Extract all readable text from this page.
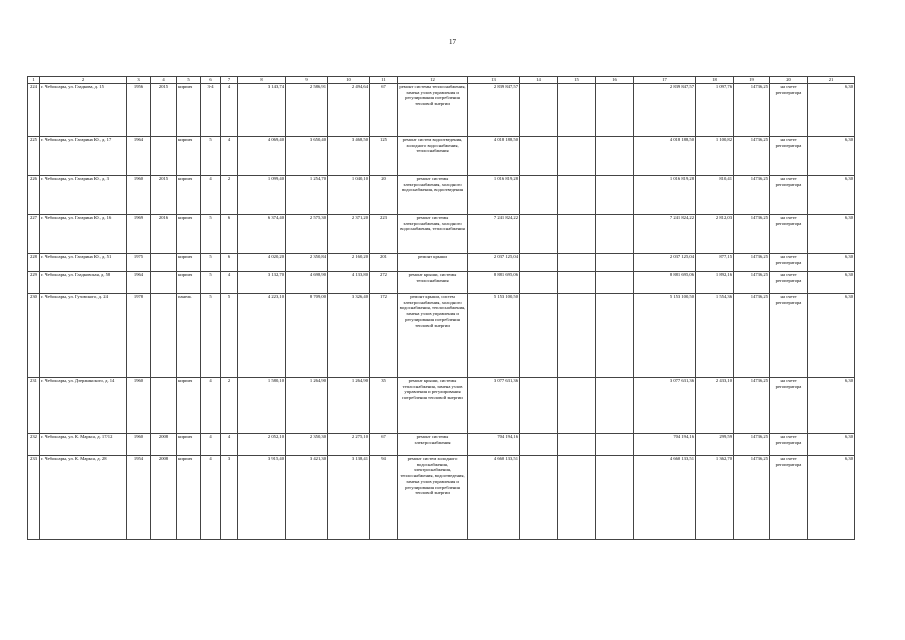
17
1	2	3	4	5	6	7	8	9	10	11	12	13	14	15	16	17	18	19	20	21
224	г. Чебоксары, ул. Гладкова, д. 15	1956	2015	кирпич	3-4	4	3 143,74	2 586,91	2 494,64	67	ремонт системы теплоснабжения, замена узлов управления и регулирования потребления тепловой энергии	2 839 847,57				2 839 847,57	1 097,76	14736,25	на счете регоператора	6,30
225	г. Чебоксары, ул. Гагарина Ю., д. 17	1964		кирпич	5	4	4 069,40	3 650,40	3 468,50	125	ремонт систем водоотведения, холодного водоснабжения, теплоснабжения	4 018 188,50				4 018 188,50	1 100,82	14736,25	на счете регоператора	6,30
226	г. Чебоксары, ул. Гагарина Ю., д. 3	1960	2015	кирпич	4	2	1 099,40	1 254,70	1 040,10	20	ремонт системы электроснабжения, холодного водоснабжения, водоотведения	1 016 819,28				1 016 819,28	810,41	14736,25	на счете регоператора	6,30
227	г. Чебоксары, ул. Гагарина Ю., д. 16	1969	2016	кирпич	5	6	6 374,40	2 575,30	2 371,20	223	ремонт системы электроснабжения, холодного водоснабжения, теплоснабжения	7 241 824,22				7 241 824,22	2 812,03	14736,25	на счете регоператора	6,30
228	г. Чебоксары, ул. Гагарина Ю., д. 51	1975		кирпич	5	6	4 020,20	2 350,84	2 160,20	201	ремонт крыши	2 037 125,04				2 037 125,04	877,15	14736,25	на счете регоператора	6,30
229	г. Чебоксары, ул. Гладковская, д. 58	1964		кирпич	5	4	3 132,70	4 698,90	4 133,80	272	ремонт крыши, системы теплоснабжения	8 881 695,06				8 881 695,06	1 892,16	14736,25	на счете регоператора	6,30
230	г. Чебоксары, ул. Гузовского, д. 24	1978		панель	5	5	4 223,10	8 709,00	3 326,40	172	ремонт крыши, систем электроснабжения, холодного водоснабжения, теплоснабжения, замена узлов управления и регулирования потребления тепловой энергии	5 153 100,50				5 153 100,50	1 554,36	14736,25	на счете регоператора	6,30
231	г. Чебоксары, ул. Дзержинского, д. 14	1960		кирпич	4	2	1 580,10	1 264,90	1 264,90	35	ремонт крыши, системы теплоснабжения, замена узлов управления и регулирования потребления тепловой энергии	3 077 631,36				3 077 631,36	2 433,10	14736,25	на счете регоператора	6,30
232	г. Чебоксары, ул. К. Маркса, д. 17/12	1960	2008	кирпич	4	4	2 052,10	2 350,30	2 275,10	67	ремонт системы электроснабжения	704 194,16				704 194,16	299,59	14736,25	на счете регоператора	6,30
233	г. Чебоксары, ул. К. Маркса, д. 28	1954	2008	кирпич	4	3	3 915,40	3 421,30	3 138,41	94	ремонт систем холодного водоснабжения, электроснабжения, теплоснабжения, водоотведения, замена узлов управления и регулирования потребления тепловой энергии	4 660 133,51				4 660 133,51	1 362,70	14736,25	на счете регоператора	6,30
